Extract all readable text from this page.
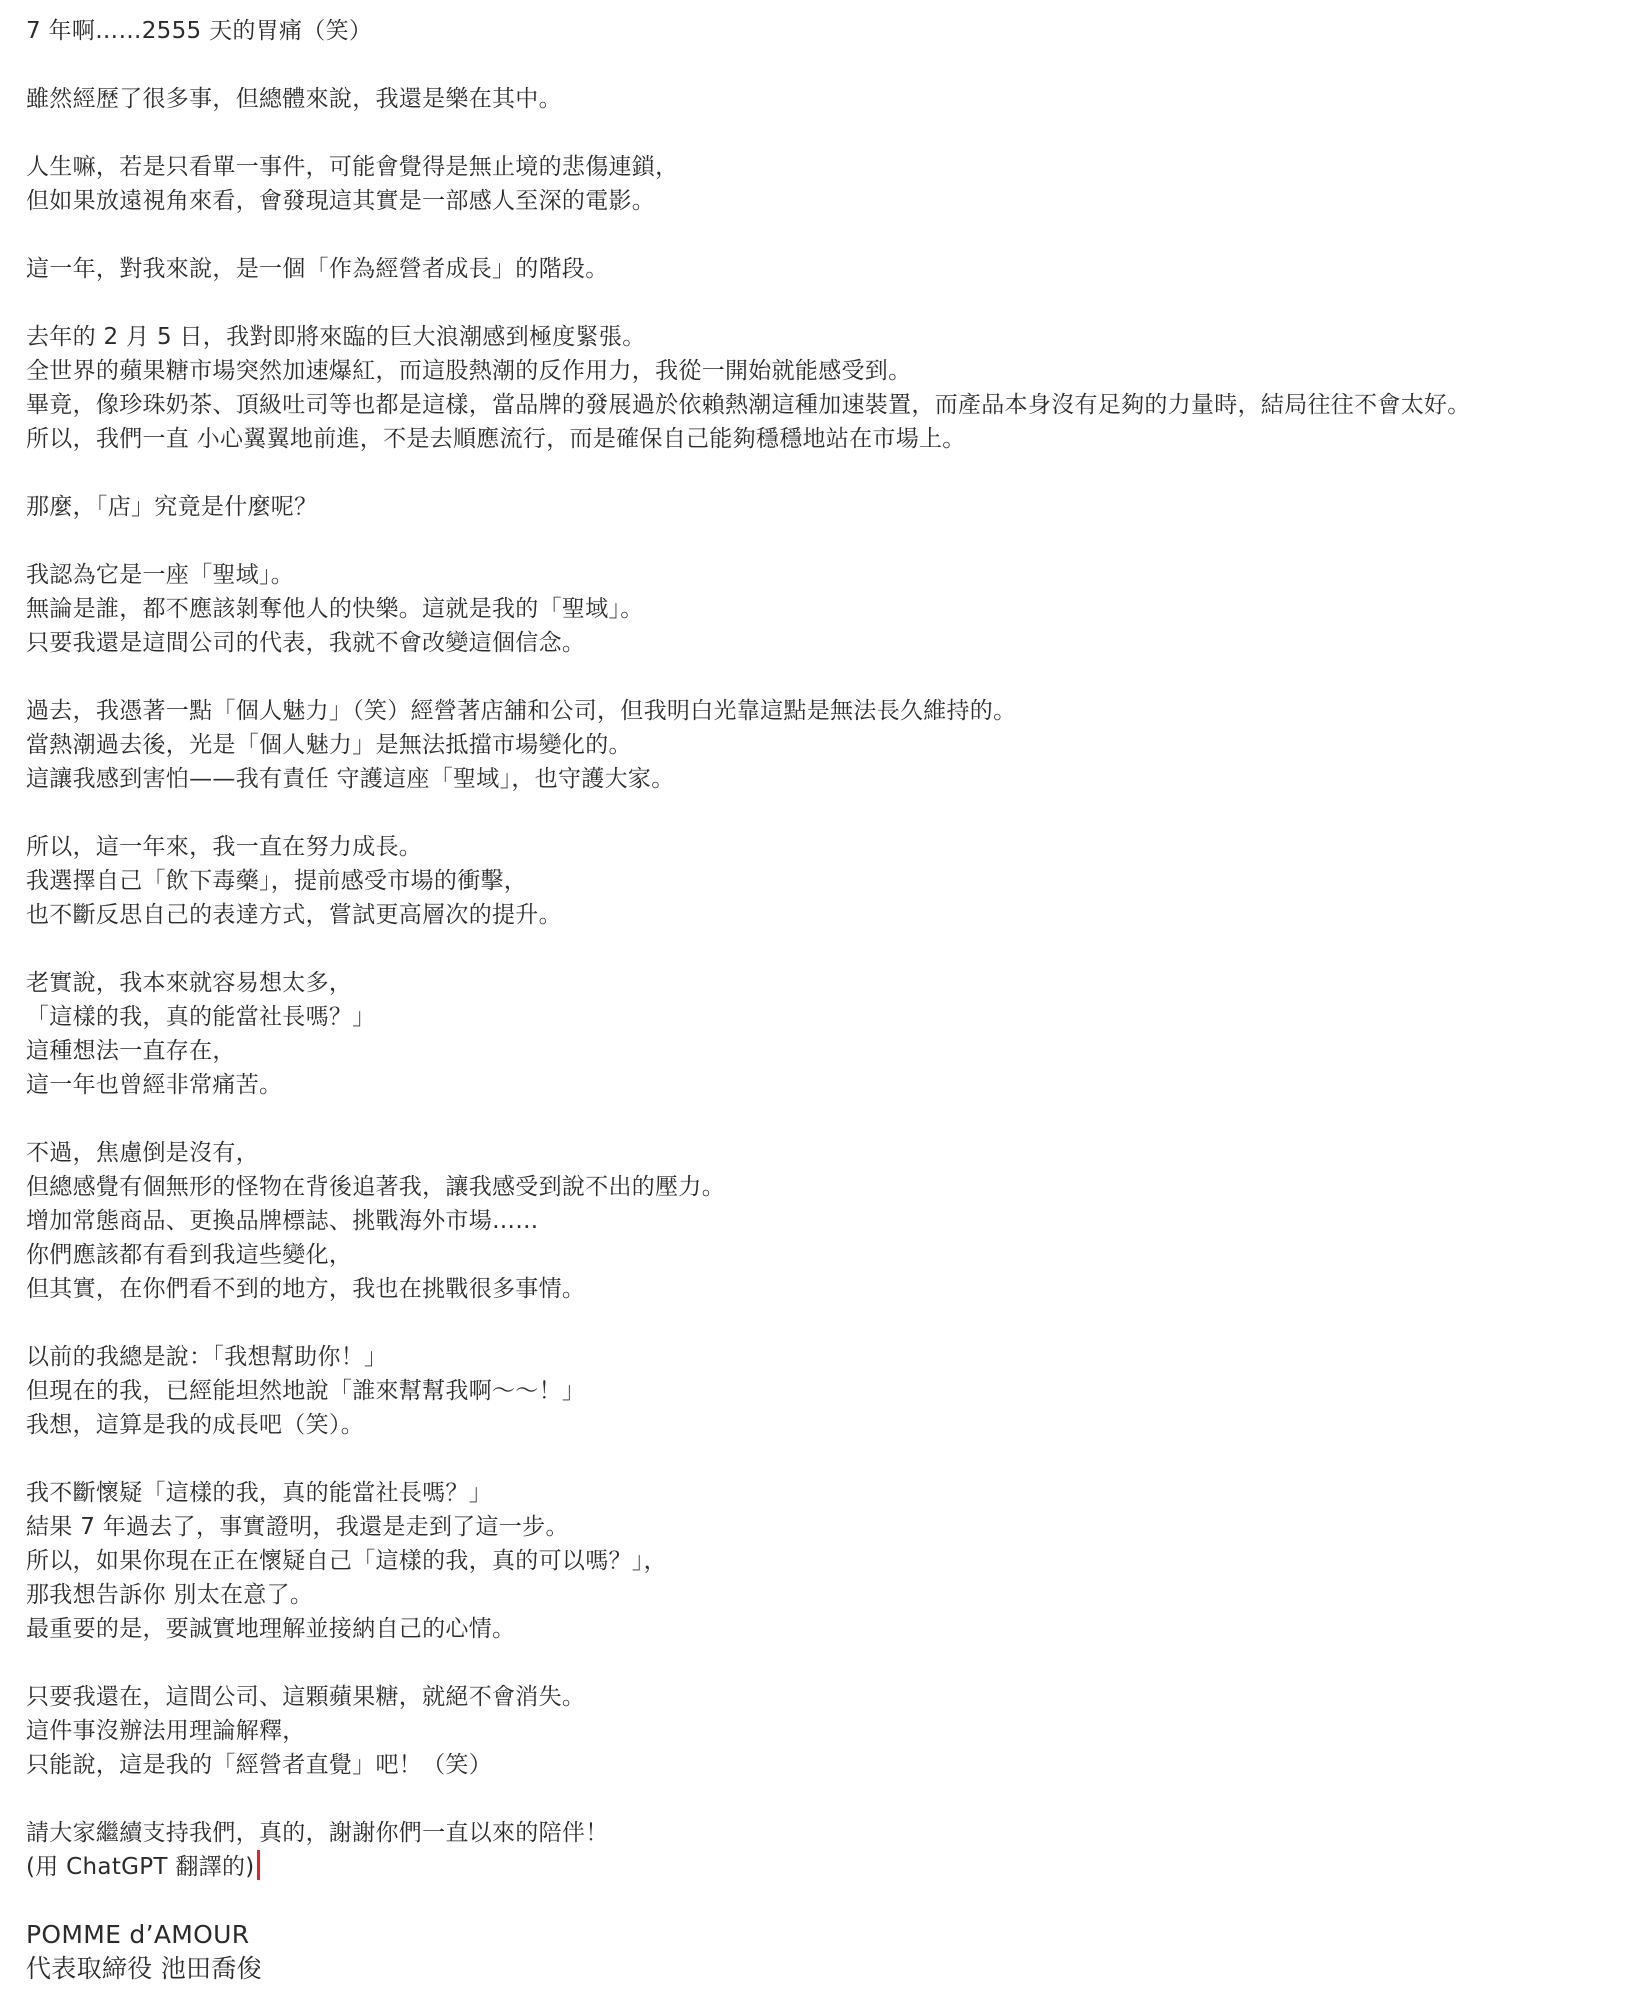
7 年啊……2555 天的胃痛（笑）
雖然經歷了很多事，但總體來說，我還是樂在其中。
人生嘛，若是只看單一事件，可能會覺得是無止境的悲傷連鎖，
但如果放遠視角來看，會發現這其實是一部感人至深的電影。
這一年，對我來說，是一個「作為經營者成長」的階段。
去年的 2 月 5 日，我對即將來臨的巨大浪潮感到極度緊張。
全世界的蘋果糖市場突然加速爆紅，而這股熱潮的反作用力，我從一開始就能感受到。
畢竟，像珍珠奶茶、頂級吐司等也都是這樣，當品牌的發展過於依賴熱潮這種加速裝置，而產品本身沒有足夠的力量時，結局往往不會太好。
所以，我們一直 小心翼翼地前進，不是去順應流行，而是確保自己能夠穩穩地站在市場上。
那麼，「店」究竟是什麼呢？
我認為它是一座「聖域」。
無論是誰，都不應該剝奪他人的快樂。這就是我的「聖域」。
只要我還是這間公司的代表，我就不會改變這個信念。
過去，我憑著一點「個人魅力」（笑）經營著店舖和公司，但我明白光靠這點是無法長久維持的。
當熱潮過去後，光是「個人魅力」是無法抵擋市場變化的。
這讓我感到害怕——我有責任 守護這座「聖域」，也守護大家。
所以，這一年來，我一直在努力成長。
我選擇自己「飲下毒藥」，提前感受市場的衝擊，
也不斷反思自己的表達方式，嘗試更高層次的提升。
老實說，我本來就容易想太多，
「這樣的我，真的能當社長嗎？」
這種想法一直存在，
這一年也曾經非常痛苦。
不過，焦慮倒是沒有，
但總感覺有個無形的怪物在背後追著我，讓我感受到說不出的壓力。
增加常態商品、更換品牌標誌、挑戰海外市場……
你們應該都有看到我這些變化，
但其實，在你們看不到的地方，我也在挑戰很多事情。
以前的我總是說：「我想幫助你！」
但現在的我，已經能坦然地說「誰來幫幫我啊〜〜！」
我想，這算是我的成長吧（笑）。
我不斷懷疑「這樣的我，真的能當社長嗎？」
結果 7 年過去了，事實證明，我還是走到了這一步。
所以，如果你現在正在懷疑自己「這樣的我，真的可以嗎？」，
那我想告訴你 別太在意了。
最重要的是，要誠實地理解並接納自己的心情。
只要我還在，這間公司、這顆蘋果糖，就絕不會消失。
這件事沒辦法用理論解釋，
只能說，這是我的「經營者直覺」吧！（笑）
請大家繼續支持我們，真的，謝謝你們一直以來的陪伴！
(用 ChatGPT 翻譯的)
POMME d’AMOUR
代表取締役 池田喬俊
